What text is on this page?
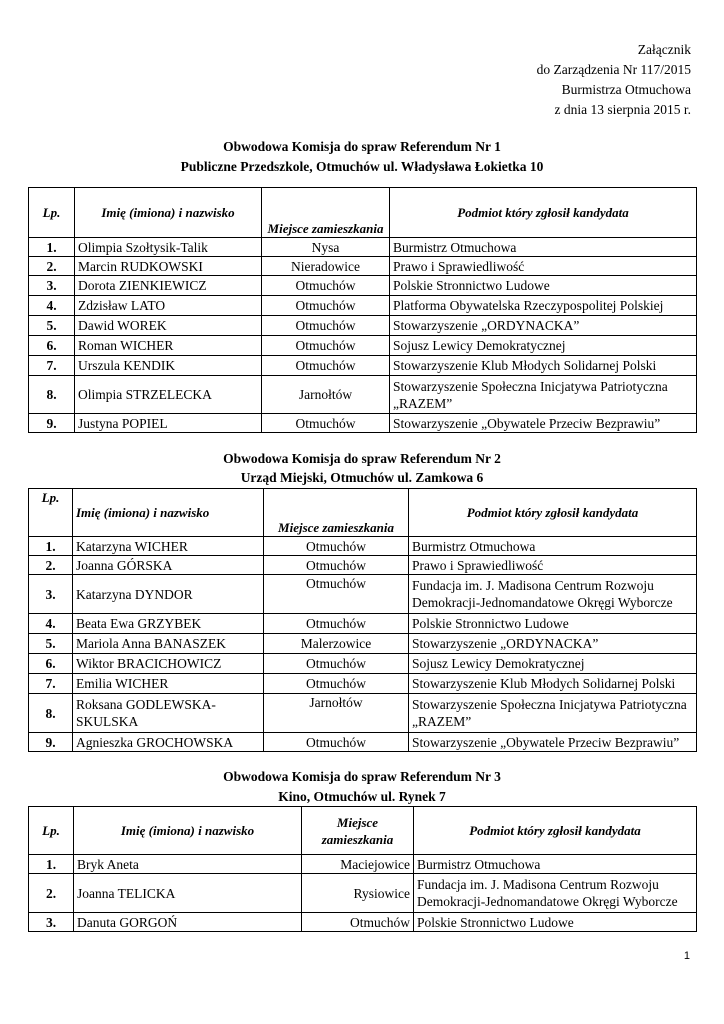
Załącznik
do Zarządzenia Nr 117/2015
Burmistrza Otmuchowa
z dnia 13 sierpnia 2015 r.
Obwodowa Komisja do spraw Referendum Nr 1
Publiczne Przedszkole, Otmuchów ul. Władysława Łokietka 10
Lp.	Imię (imiona) i nazwisko	Miejsce zamieszkania	Podmiot który zgłosił kandydata
1.	Olimpia Szołtysik-Talik	Nysa	Burmistrz Otmuchowa
2.	Marcin RUDKOWSKI	Nieradowice	Prawo i Sprawiedliwość
3.	Dorota ZIENKIEWICZ	Otmuchów	Polskie Stronnictwo Ludowe
4.	Zdzisław LATO	Otmuchów	Platforma Obywatelska Rzeczypospolitej Polskiej
5.	Dawid WOREK	Otmuchów	Stowarzyszenie „ORDYNACKA”
6.	Roman WICHER	Otmuchów	Sojusz Lewicy Demokratycznej
7.	Urszula KENDIK	Otmuchów	Stowarzyszenie Klub Młodych Solidarnej Polski
8.	Olimpia STRZELECKA	Jarnołtów	Stowarzyszenie Społeczna Inicjatywa Patriotyczna „RAZEM”
9.	Justyna POPIEL	Otmuchów	Stowarzyszenie „Obywatele Przeciw Bezprawiu”
Obwodowa Komisja do spraw Referendum Nr 2
Urząd Miejski, Otmuchów ul. Zamkowa 6
Lp.	Imię (imiona) i nazwisko	Miejsce zamieszkania	Podmiot który zgłosił kandydata
1.	Katarzyna WICHER	Otmuchów	Burmistrz Otmuchowa
2.	Joanna GÓRSKA	Otmuchów	Prawo i Sprawiedliwość
3.	Katarzyna DYNDOR	Otmuchów	Fundacja im. J. Madisona Centrum Rozwoju Demokracji-Jednomandatowe Okręgi Wyborcze
4.	Beata Ewa GRZYBEK	Otmuchów	Polskie Stronnictwo Ludowe
5.	Mariola Anna BANASZEK	Malerzowice	Stowarzyszenie „ORDYNACKA”
6.	Wiktor BRACICHOWICZ	Otmuchów	Sojusz Lewicy Demokratycznej
7.	Emilia WICHER	Otmuchów	Stowarzyszenie Klub Młodych Solidarnej Polski
8.	Roksana GODLEWSKA-SKULSKA	Jarnołtów	Stowarzyszenie Społeczna Inicjatywa Patriotyczna „RAZEM”
9.	Agnieszka GROCHOWSKA	Otmuchów	Stowarzyszenie „Obywatele Przeciw Bezprawiu”
Obwodowa Komisja do spraw Referendum Nr 3
Kino, Otmuchów ul. Rynek 7
Lp.	Imię (imiona) i nazwisko	Miejsce zamieszkania	Podmiot który zgłosił kandydata
1.	Bryk Aneta	Maciejowice	Burmistrz Otmuchowa
2.	Joanna TELICKA	Rysiowice	Fundacja im. J. Madisona Centrum Rozwoju Demokracji-Jednomandatowe Okręgi Wyborcze
3.	Danuta GORGOŃ	Otmuchów	Polskie Stronnictwo Ludowe
1
